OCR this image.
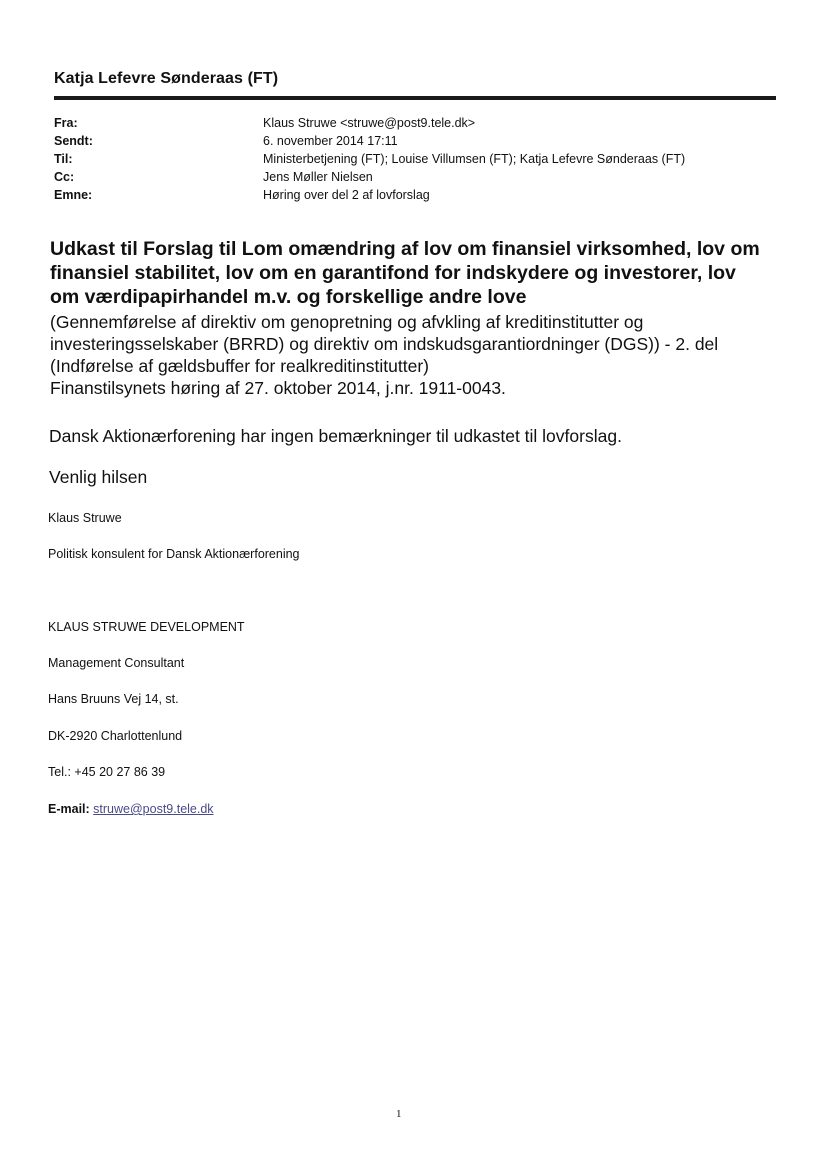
Katja Lefevre Sønderaas (FT)
Fra:	Klaus Struwe <struwe@post9.tele.dk>
Sendt:	6. november 2014 17:11
Til:	Ministerbetjening (FT); Louise Villumsen (FT); Katja Lefevre Sønderaas (FT)
Cc:	Jens Møller Nielsen
Emne:	Høring over del 2 af lovforslag
Udkast til Forslag til Lom omændring af lov om finansiel virksomhed, lov om
finansiel stabilitet, lov om en garantifond for indskydere og investorer, lov
om værdipapirhandel m.v. og forskellige andre love
(Gennemførelse af direktiv om genopretning og afvkling af kreditinstitutter og
investeringsselskaber (BRRD) og direktiv om indskudsgarantiordninger (DGS)) - 2. del
(Indførelse af gældsbuffer for realkreditinstitutter)
Finanstilsynets høring af 27. oktober 2014, j.nr. 1911-0043.
Dansk Aktionærforening har ingen bemærkninger til udkastet til lovforslag.
Venlig hilsen
Klaus Struwe
Politisk konsulent for Dansk Aktionærforening
KLAUS STRUWE DEVELOPMENT
Management Consultant
Hans Bruuns Vej 14, st.
DK-2920 Charlottenlund
Tel.: +45 20 27 86 39
E-mail: struwe@post9.tele.dk
1
